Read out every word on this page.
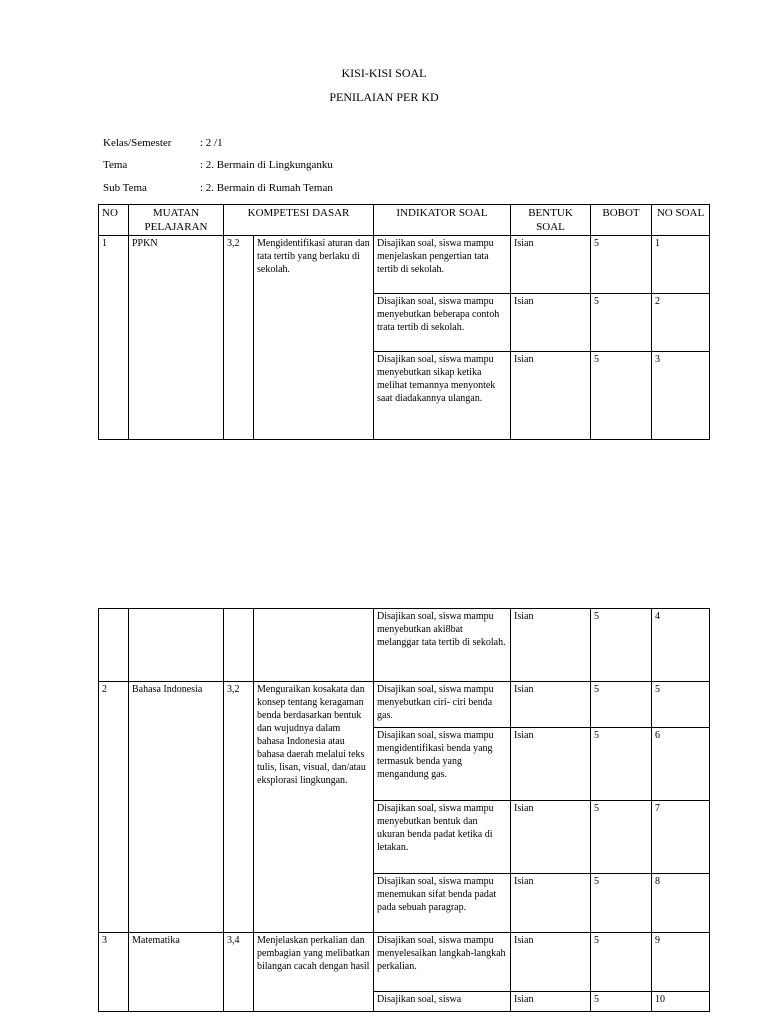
KISI-KISI SOAL
PENILAIAN PER KD
Kelas/Semester	: 2 /1
Tema	: 2. Bermain di Lingkunganku
Sub Tema	: 2. Bermain di Rumah Teman
NO	MUATAN PELAJARAN	KOMPETESI DASAR		INDIKATOR SOAL	BENTUK SOAL	BOBOT	NO SOAL
1	PPKN	3,2	Mengidentifikasi aturan dan tata tertib yang berlaku di sekolah.	Disajikan soal, siswa mampu menjelaskan pengertian tata tertib di sekolah.	Isian	5	1
				Disajikan soal, siswa mampu menyebutkan beberapa contoh trata tertib di sekolah.	Isian	5	2
				Disajikan soal, siswa mampu menyebutkan sikap ketika melihat temannya menyontek saat diadakannya ulangan.	Isian	5	3
				Disajikan soal, siswa mampu menyebutkan aki8bat melanggar tata tertib di sekolah.	Isian	5	4
2	Bahasa Indonesia	3,2	Menguraikan kosakata dan konsep tentang keragaman benda berdasarkan bentuk dan wujudnya dalam bahasa Indonesia atau bahasa daerah melalui teks tulis, lisan, visual, dan/atau eksplorasi lingkungan.	Disajikan soal, siswa mampu menyebutkan ciri- ciri benda gas.	Isian	5	5
				Disajikan soal, siswa mampu mengidentifikasi benda yang termasuk benda yang mengandung gas.	Isian	5	6
				Disajikan soal, siswa mampu menyebutkan bentuk dan ukuran benda padat ketika di letakan.	Isian	5	7
				Disajikan soal, siswa mampu menemukan sifat benda padat pada sebuah paragrap.	Isian	5	8
3	Matematika	3,4	Menjelaskan perkalian dan pembagian yang melibatkan bilangan cacah dengan hasil	Disajikan soal, siswa mampu menyelesaikan langkah-langkah perkalian.	Isian	5	9
				Disajikan soal, siswa	Isian	5	10
